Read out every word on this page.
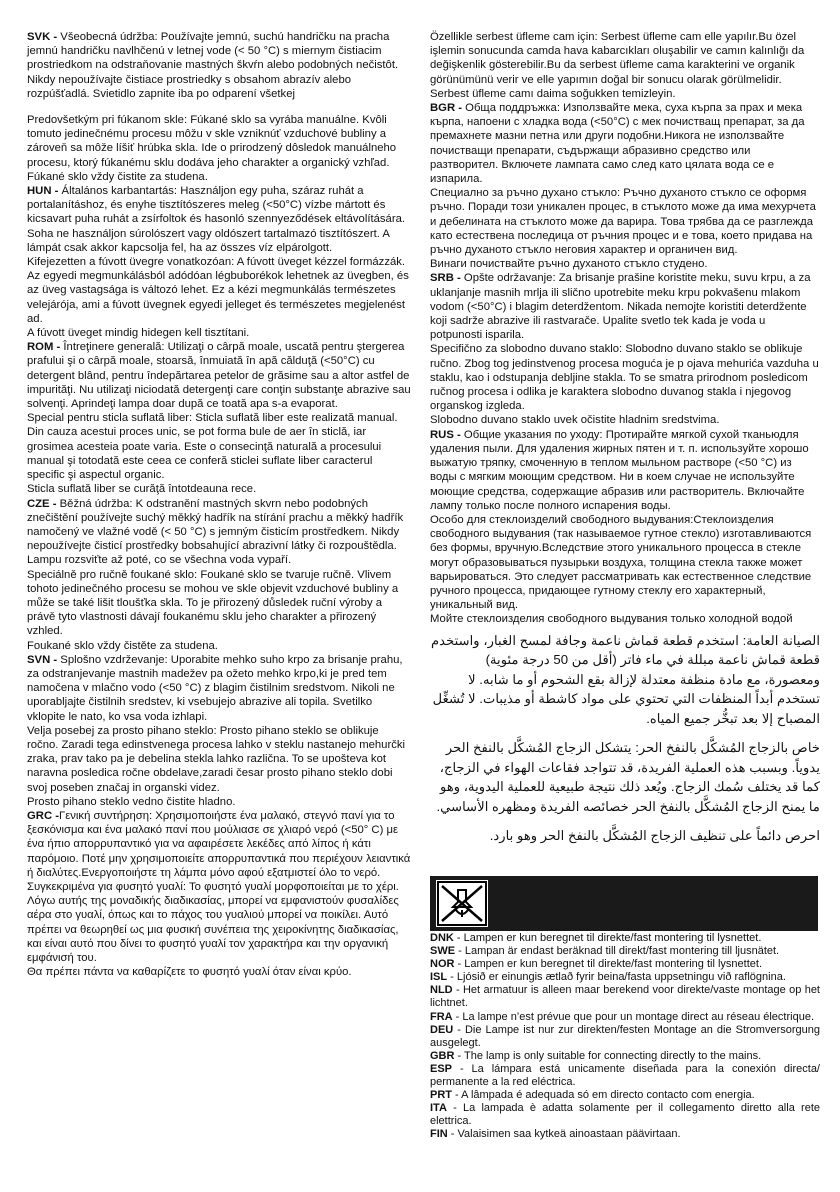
SVK - Všeobecná údržba: Používajte jemnú, suchú handričku na pracha jemnú handričku navlhčenú v letnej vode (< 50 °C) s miernym čistiacim prostriedkom na odstraňovanie mastných škvŕn alebo podobných nečistôt. Nikdy nepoužívajte čistiace prostriedky s obsahom abrazív alebo rozpúšťadlá. Svietidlo zapnite iba po odparení všetkej

Predovšetkým pri fúkanom skle: Fúkané sklo sa vyrába manuálne. Kvôli tomuto jedinečnému procesu môžu v skle vzniknúť vzduchové bubliny a zároveň sa môže líšiť hrúbka skla. Ide o prirodzený dôsledok manuálneho procesu, ktorý fúkanému sklu dodáva jeho charakter a organický vzhľad.

Fúkané sklo vždy čistite za studena.

HUN - Általános karbantartás: Használjon egy puha, száraz ruhát a portalanításhoz, és enyhe tisztítószeres meleg (<50°C) vízbe mártott és kicsavart puha ruhát a zsírfoltok és hasonló szennyeződések eltávolítására. Soha ne használjon súrolószert vagy oldószert tartalmazó tisztítószert. A lámpát csak akkor kapcsolja fel, ha az összes víz elpárolgott.

Kifejezetten a fúvott üvegre vonatkozóan: A fúvott üveget kézzel formázzák. Az egyedi megmunkálásból adódóan légbuborékok lehetnek az üvegben, és az üveg vastagsága is változó lehet. Ez a kézi megmunkálás természetes velejárója, ami a fúvott üvegnek egyedi jelleget és természetes megjelenést ad.

A fúvott üveget mindig hidegen kell tisztítani.

ROM - Întreţinere generală: Utilizaţi o cârpă moale, uscată pentru ştergerea prafului şi o cârpă moale, stoarsă, înmuiată în apă călduţă (<50°C) cu detergent blând, pentru îndepărtarea petelor de grăsime sau a altor astfel de impurităţi. Nu utilizaţi niciodată detergenţi care conţin substanţe abrazive sau solvenţi. Aprindeţi lampa doar după ce toată apa s-a evaporat.

Special pentru sticla suflată liber: Sticla suflată liber este realizată manual. Din cauza acestui proces unic, se pot forma bule de aer în sticlă, iar grosimea acesteia poate varia. Este o consecinţă naturală a procesului manual şi totodată este ceea ce conferă sticlei suflate liber caracterul specific şi aspectul organic.

Sticla suflată liber se curăţă întotdeauna rece.

CZE - Běžná údržba: K odstranění mastných skvrn nebo podobných znečištění používejte suchý měkký hadřík na stírání prachu a měkký hadřík namočený ve vlažné vodě (< 50 °C) s jemným čisticím prostředkem. Nikdy nepoužívejte čisticí prostředky bobsahující abrazivní látky či rozpouštědla. Lampu rozsviťte až poté, co se všechna voda vypaří.

Speciálně pro ručně foukané sklo: Foukané sklo se tvaruje ručně. Vlivem tohoto jedinečného procesu se mohou ve skle objevit vzduchové bubliny a může se také lišit tloušťka skla. To je přirozený důsledek ruční výroby a právě tyto vlastnosti dávají foukanému sklu jeho charakter a přirozený vzhled.

Foukané sklo vždy čistěte za studena.

SVN - Splošno vzdrževanje: Uporabite mehko suho krpo za brisanje prahu, za odstranjevanje mastnih madežev pa ožeto mehko krpo,ki je pred tem namočena v mlačno vodo (<50 °C) z blagim čistilnim sredstvom. Nikoli ne uporabljajte čistilnih sredstev, ki vsebujejo abrazive ali topila. Svetilko vklopite le nato, ko vsa voda izhlapi.

Velja posebej za prosto pihano steklo: Prosto pihano steklo se oblikuje ročno. Zaradi tega edinstvenega procesa lahko v steklu nastanejo mehurčki zraka, prav tako pa je debelina stekla lahko različna. To se upošteva kot naravna posledica ročne obdelave,zaradi česar prosto pihano steklo dobi svoj poseben značaj in organski videz.

Prosto pihano steklo vedno čistite hladno.

GRC -Γενική συντήρηση: Χρησιμοποιήστε ένα μαλακό, στεγνό πανί για το ξεσκόνισμα και ένα μαλακό πανί που μούλιασε σε χλιαρό νερό (<50° C) με ένα ήπιο απορρυπαντικό για να αφαιρέσετε λεκέδες από λίπος ή κάτι παρόμοιο. Ποτέ μην χρησιμοποιείτε απορρυπαντικά που περιέχουν λειαντικά ή διαλύτες.Ενεργοποιήστε τη λάμπα μόνο αφού εξατμιστεί όλο το νερό.

Συγκεκριμένα για φυσητό γυαλί: Το φυσητό γυαλί μορφοποιείται με το χέρι. Λόγω αυτής της μοναδικής διαδικασίας, μπορεί να εμφανιστούν φυσαλίδες αέρα στο γυαλί, όπως και το πάχος του γυαλιού μπορεί να ποικίλει. Αυτό πρέπει να θεωρηθεί ως μια φυσική συνέπεια της χειροκίνητης διαδικασίας, και είναι αυτό που δίνει το φυσητό γυαλί τον χαρακτήρα και την οργανική εμφάνισή του.

Θα πρέπει πάντα να καθαρίζετε το φυσητό γυαλί όταν είναι κρύο.

Özellikle serbest üfleme cam için: Serbest üfleme cam elle yapılır.Bu özel işlemin sonucunda camda hava kabarcıkları oluşabilir ve camın kalınlığı da değişkenlik gösterebilir.Bu da serbest üfleme cama karakterini ve organik görünümünü verir ve elle yapımın doğal bir sonucu olarak görülmelidir.

Serbest üfleme camı daima soğukken temizleyin.

BGR - Обща поддръжка: Използвайте мека, суха кърпа за прах и мека кърпа, напоени с хладка вода (<50°C) с мек почистващ препарат, за да премахнете мазни петна или други подобни.Никога не използвайте почистващи препарати, съдържащи абразивно средство или разтворител. Включете лампата само след като цялата вода се е изпарила.

Специално за ръчно духано стъкло: Ръчно духаното стъкло се оформя ръчно. Поради този уникален процес, в стъклото може да има мехурчета и дебелината на стъклото може да варира. Това трябва да се разглежда като естествена последица от ръчния процес и е това, което придава на ръчно духаното стъкло неговия характер и органичен вид.

Винаги почиствайте ръчно духаното стъкло студено.

SRB - Opšte održavanje: Za brisanje prašine koristite meku, suvu krpu, a za uklanjanje masnih mrlja ili slično upotrebite meku krpu pokvašenu mlakom vodom (<50°C) i blagim deterdžentom. Nikada nemojte koristiti deterdžente koji sadrže abrazive ili rastvarače. Upalite svetlo tek kada je voda u potpunosti isparila.

Specifično za slobodno duvano staklo: Slobodno duvano staklo se oblikuje ručno. Zbog tog jedinstvenog procesa moguća je p ojava mehurića vazduha u staklu, kao i odstupanja debljine stakla. To se smatra prirodnom posledicom ručnog procesa i odlika je karaktera slobodno duvanog stakla i njegovog organskog izgleda.

Slobodno duvano staklo uvek očistite hladnim sredstvima.

RUS - Общие указания по уходу: Протирайте мягкой сухой тканьюдля удаления пыли. Для удаления жирных пятен и т. п. используйте хорошо выжатую тряпку, смоченную в теплом мыльном растворе (<50 °C) из воды с мягким моющим средством. Ни в коем случае не используйте моющие средства, содержащие абразив или растворитель. Включайте лампу только после полного испарения воды.

Особо для стеклоизделий свободного выдувания:Стеклоизделия свободного выдувания (так называемое гутное стекло) изготавливаются без формы, вручную.Вследствие этого уникального процесса в стекле могут образовываться пузырьки воздуха, толщина стекла также может варьироваться. Это следует рассматривать как естественное следствие ручного процесса, придающее гутному стеклу его характерный, уникальный вид.

Мойте стеклоизделия свободного выдувания только холодной водой

الصيانة العامة: استخدم قطعة قماش ناعمة وجافة لمسح الغبار، واستخدم قطعة قماش ناعمة مبللة في ماء فاتر (أقل من 50 درجة مئوية) ومعصورة، مع مادة منظفة معتدلة لإزالة بقع الشحوم أو ما شابه. لا تستخدم أبداً المنظفات التي تحتوي على مواد كاشطة أو مذيبات. لا تُشغِّل المصباح إلا بعد تبخُّر جميع المياه.

خاص بالزجاج المُشكَّل بالنفخ الحر: يتشكل الزجاج المُشكَّل بالنفخ الحر يدوياً. وبسبب هذه العملية الفريدة، قد تتواجد فقاعات الهواء في الزجاج، كما قد يختلف سُمك الزجاج. ويُعد ذلك نتيجة طبيعية للعملية اليدوية، وهو ما يمنح الزجاج المُشكَّل بالنفخ الحر خصائصه الفريدة ومظهره الأساسي.

احرص دائماً على تنظيف الزجاج المُشكَّل بالنفخ الحر وهو بارد.

DNK - Lampen er kun beregnet til direkte/fast montering til lysnettet.

SWE - Lampan är endast beräknad till direkt/fast montering till ljusnätet.

NOR - Lampen er kun beregnet til direkte/fast montering til lysnettet.

ISL - Ljósið er einungis ætlað fyrir beina/fasta uppsetningu við raflögnina.

NLD - Het armatuur is alleen maar berekend voor direkte/vaste montage op het lichtnet.

FRA - La lampe n’est prévue que pour un montage direct au réseau électrique.

DEU - Die Lampe ist nur zur direkten/festen Montage an die Stromversorgung ausgelegt.

GBR - The lamp is only suitable for connecting directly to the mains.

ESP - La lámpara está unicamente diseñada para la conexión directa/ permanente a la red eléctrica.

PRT - A lâmpada é adequada só em directo contacto com energia.

ITA - La lampada è adatta solamente per il collegamento diretto alla rete elettrica.

FIN - Valaisimen saa kytkeä ainoastaan päävirtaan.
